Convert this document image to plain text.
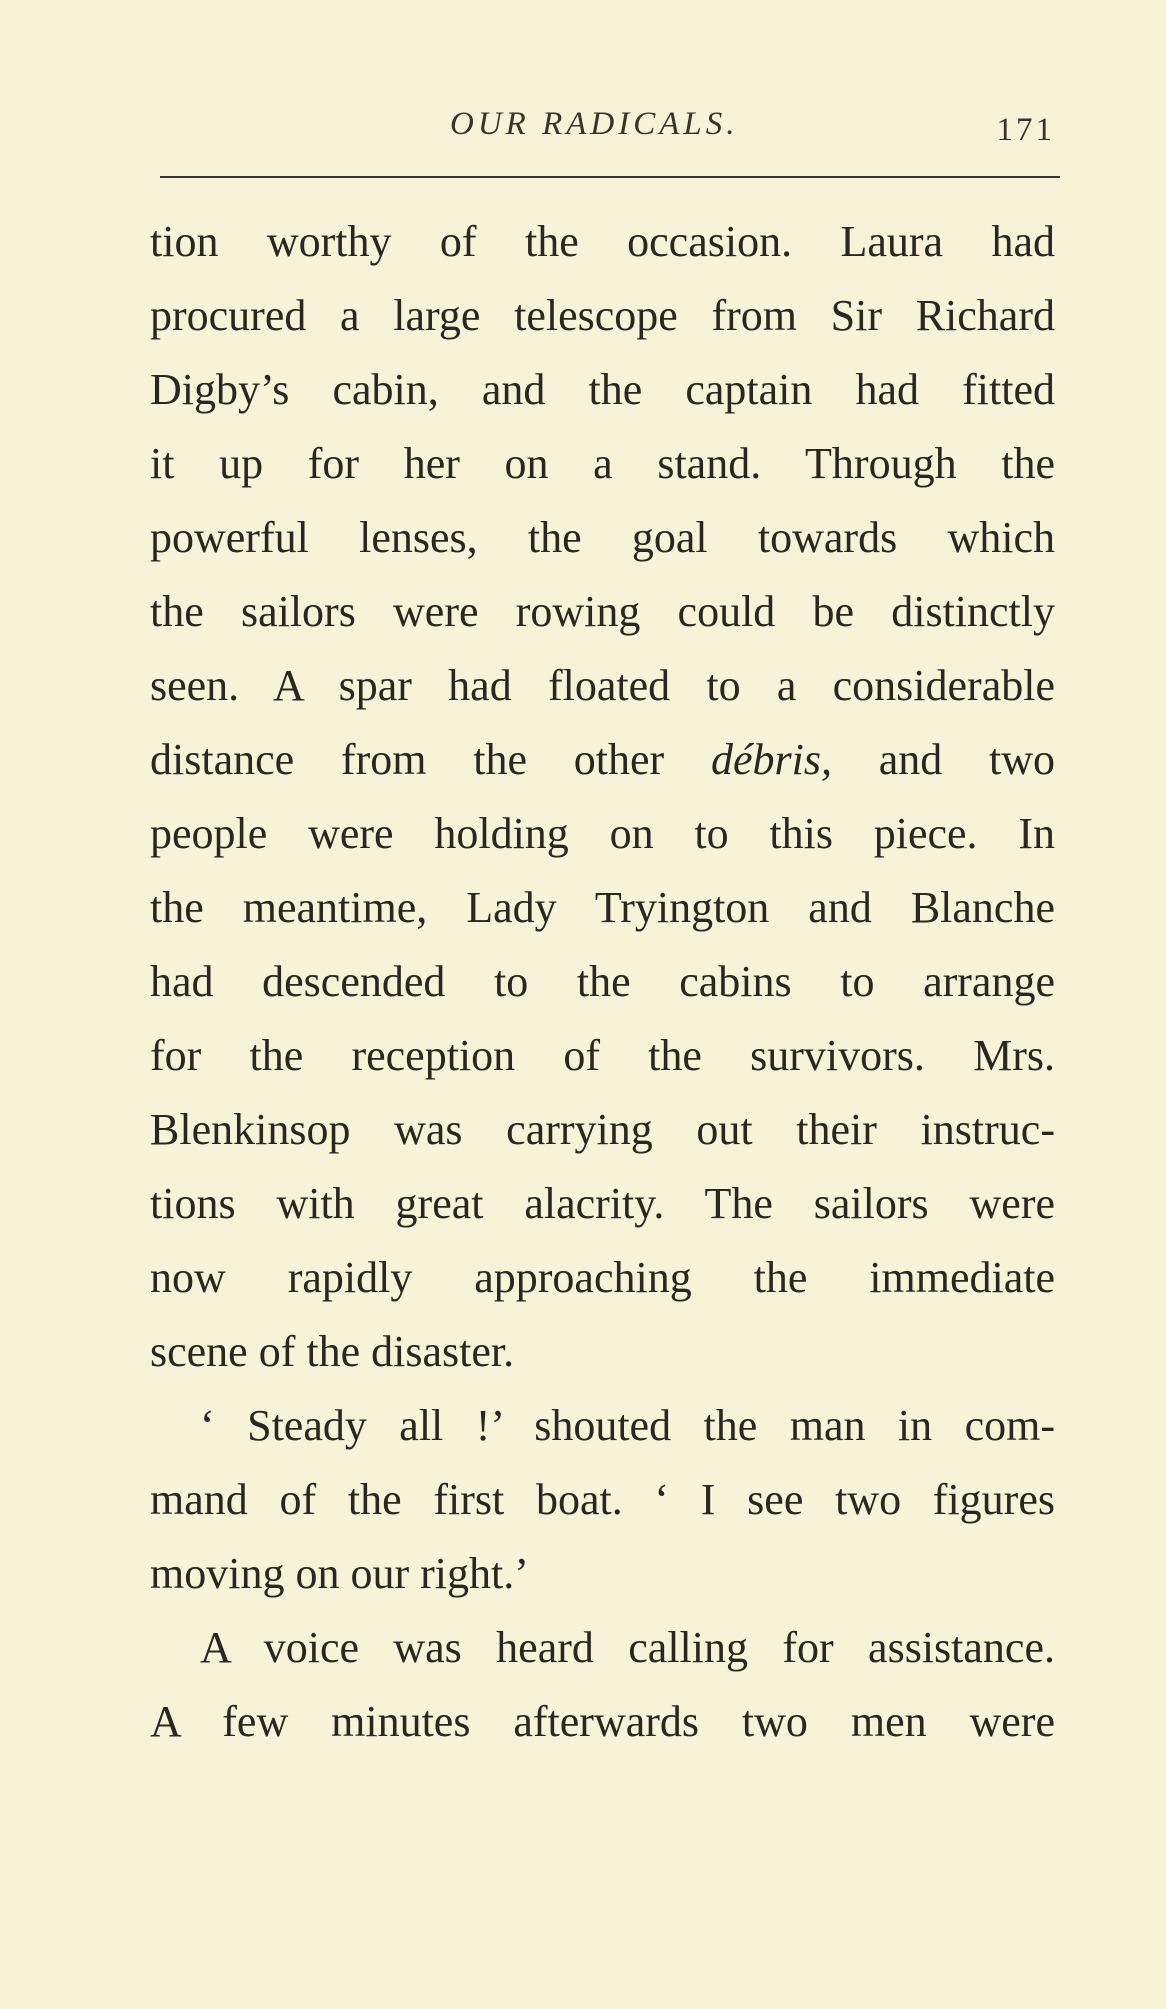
OUR RADICALS.	171
tion worthy of the occasion. Laura had
procured a large telescope from Sir Richard
Digby’s cabin, and the captain had fitted
it up for her on a stand. Through the
powerful lenses, the goal towards which
the sailors were rowing could be distinctly
seen. A spar had floated to a considerable
distance from the other débris, and two
people were holding on to this piece. In
the meantime, Lady Tryington and Blanche
had descended to the cabins to arrange
for the reception of the survivors. Mrs.
Blenkinsop was carrying out their instruc-
tions with great alacrity. The sailors were
now rapidly approaching the immediate
scene of the disaster.
‘ Steady all !’ shouted the man in com-
mand of the first boat. ‘ I see two figures
moving on our right.’
A voice was heard calling for assistance.
A few minutes afterwards two men were
